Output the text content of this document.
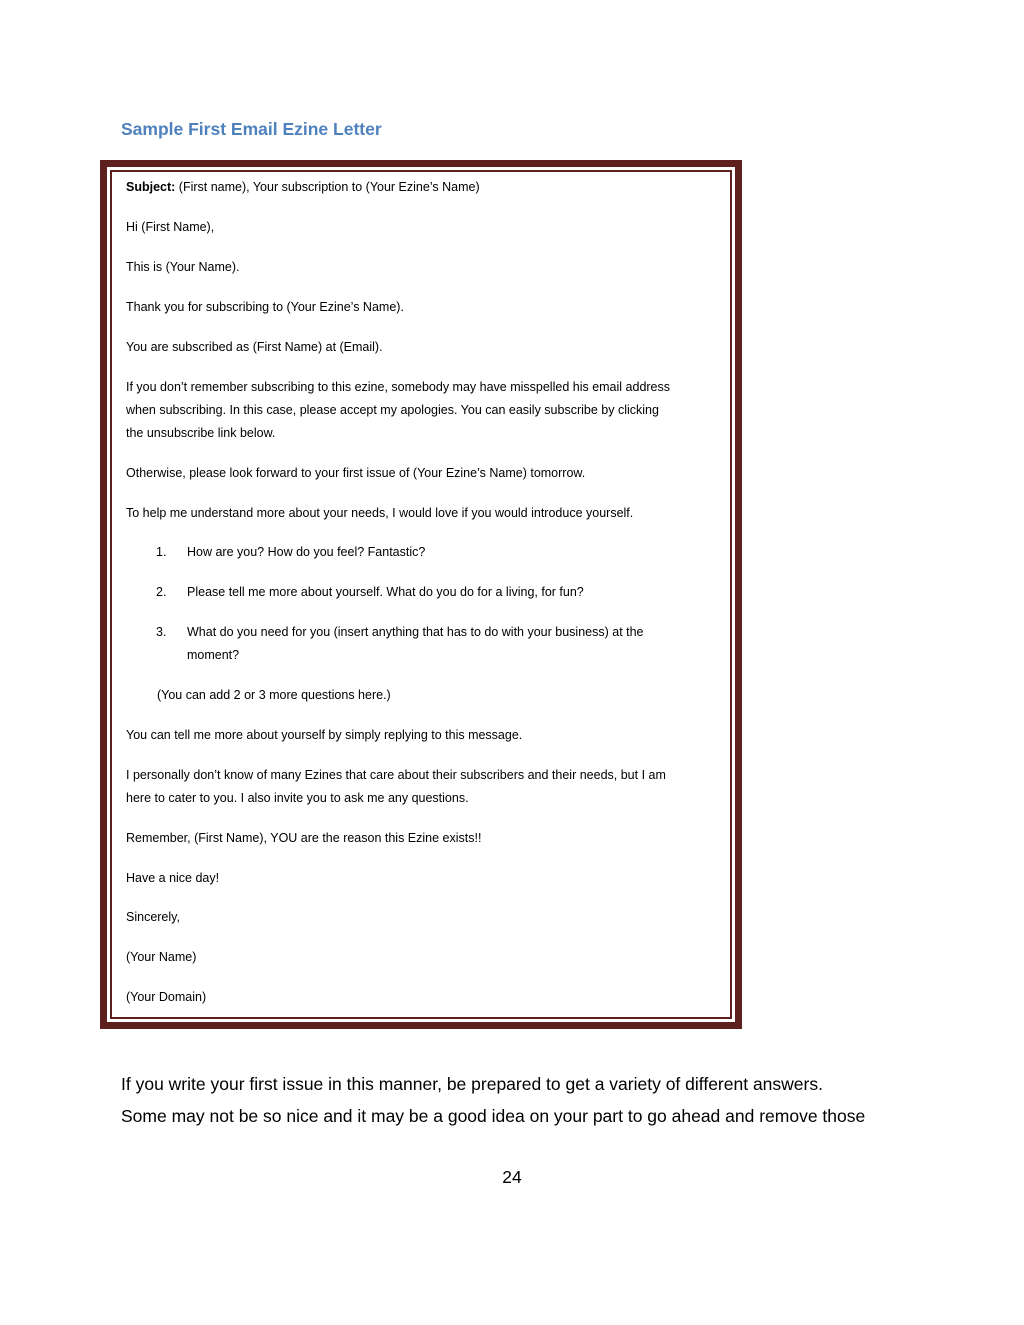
Sample First Email Ezine Letter

Subject: (First name), Your subscription to (Your Ezine’s Name)

Hi (First Name),

This is (Your Name).

Thank you for subscribing to (Your Ezine’s Name).

You are subscribed as (First Name) at (Email).

If you don’t remember subscribing to this ezine, somebody may have misspelled his email address

when subscribing. In this case, please accept my apologies. You can easily subscribe by clicking

the unsubscribe link below.

Otherwise, please look forward to your first issue of (Your Ezine’s Name) tomorrow.

To help me understand more about your needs, I would love if you would introduce yourself.

1. How are you? How do you feel? Fantastic?

2. Please tell me more about yourself. What do you do for a living, for fun?

3. What do you need for you (insert anything that has to do with your business) at the

moment?

(You can add 2 or 3 more questions here.)

You can tell me more about yourself by simply replying to this message.

I personally don’t know of many Ezines that care about their subscribers and their needs, but I am

here to cater to you. I also invite you to ask me any questions.

Remember, (First Name), YOU are the reason this Ezine exists!!

Have a nice day!

Sincerely,

(Your Name)

(Your Domain)

If you write your first issue in this manner, be prepared to get a variety of different answers.

Some may not be so nice and it may be a good idea on your part to go ahead and remove those

24
